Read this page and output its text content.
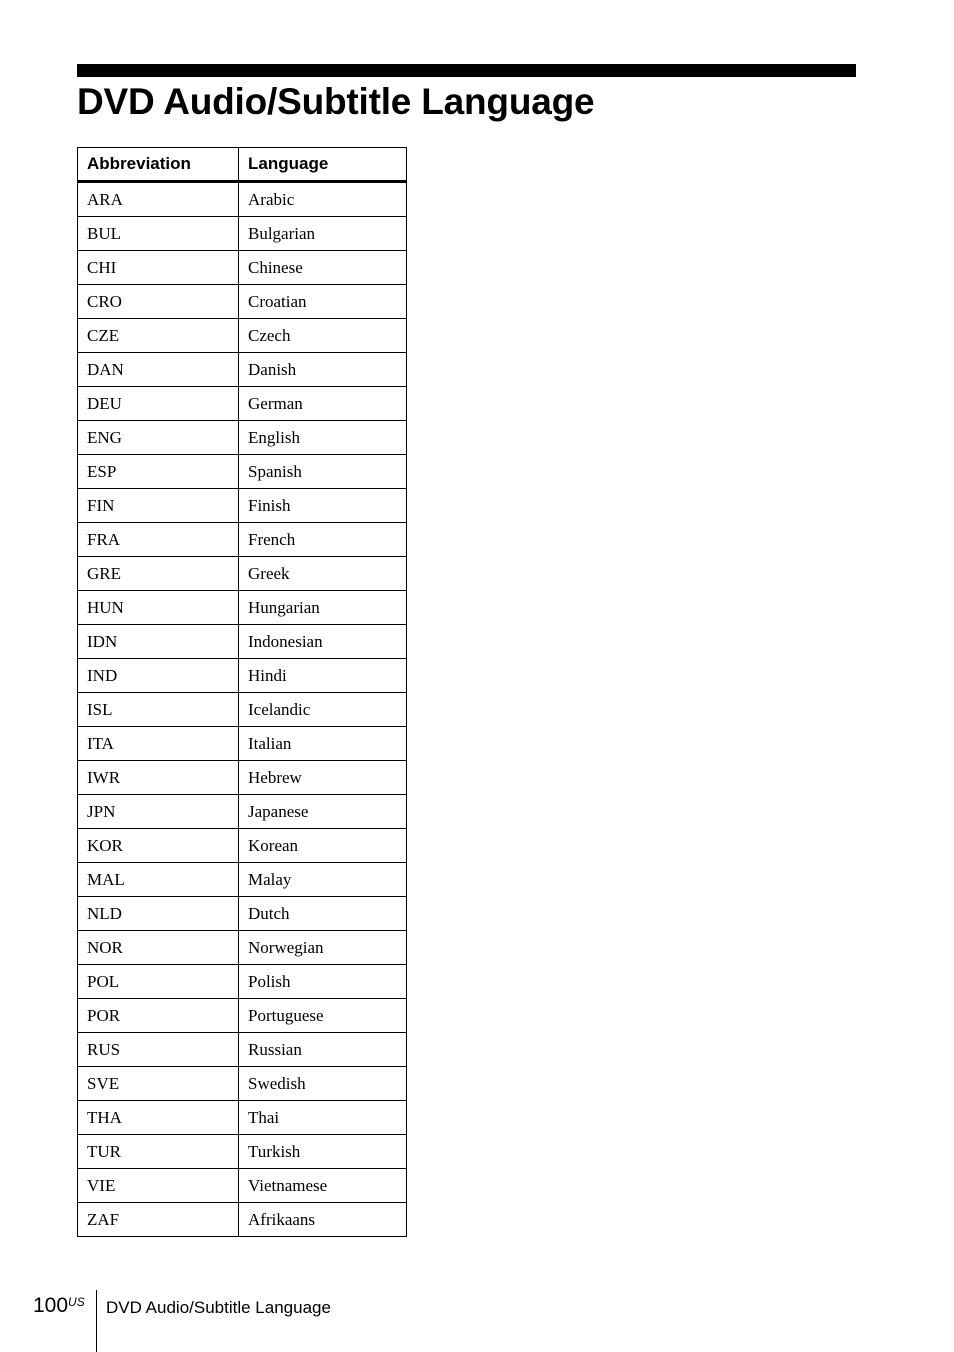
DVD Audio/Subtitle Language
Abbreviation	Language
ARA	Arabic
BUL	Bulgarian
CHI	Chinese
CRO	Croatian
CZE	Czech
DAN	Danish
DEU	German
ENG	English
ESP	Spanish
FIN	Finish
FRA	French
GRE	Greek
HUN	Hungarian
IDN	Indonesian
IND	Hindi
ISL	Icelandic
ITA	Italian
IWR	Hebrew
JPN	Japanese
KOR	Korean
MAL	Malay
NLD	Dutch
NOR	Norwegian
POL	Polish
POR	Portuguese
RUS	Russian
SVE	Swedish
THA	Thai
TUR	Turkish
VIE	Vietnamese
ZAF	Afrikaans
$100^{US}$ DVD Audio/Subtitle Language
